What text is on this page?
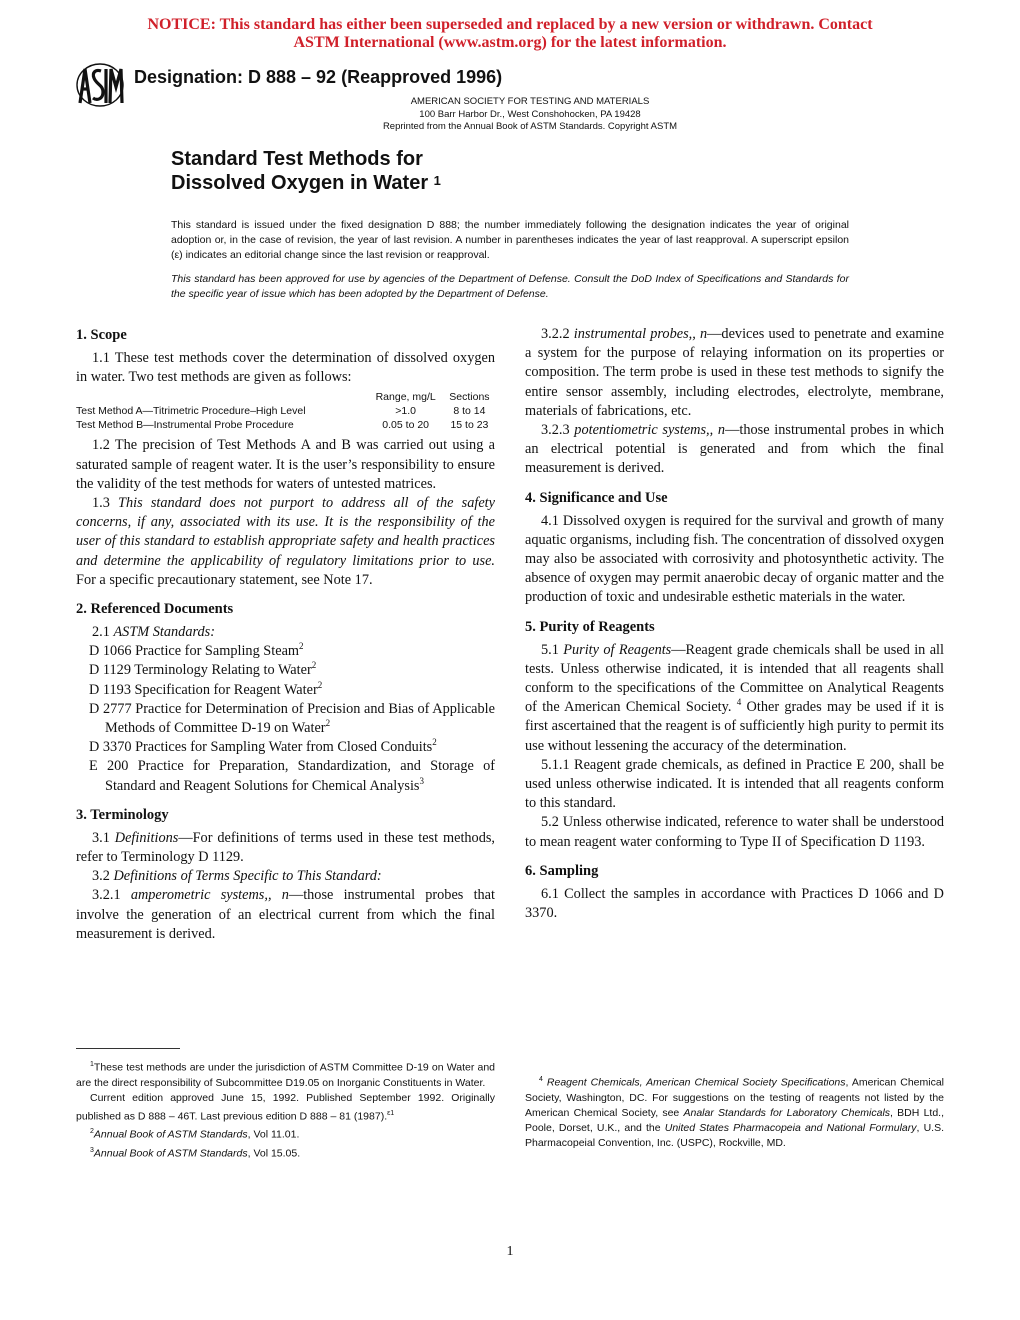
NOTICE: This standard has either been superseded and replaced by a new version or withdrawn. Contact
ASTM International (www.astm.org) for the latest information.
Designation: D 888 – 92 (Reapproved 1996)
AMERICAN SOCIETY FOR TESTING AND MATERIALS
100 Barr Harbor Dr., West Conshohocken, PA 19428
Reprinted from the Annual Book of ASTM Standards. Copyright ASTM
Standard Test Methods for
Dissolved Oxygen in Water $^1$
This standard is issued under the fixed designation D 888; the number immediately following the designation indicates the year of original adoption or, in the case of revision, the year of last revision. A number in parentheses indicates the year of last reapproval. A superscript epsilon (ε) indicates an editorial change since the last revision or reapproval.
This standard has been approved for use by agencies of the Department of Defense. Consult the DoD Index of Specifications and Standards for the specific year of issue which has been adopted by the Department of Defense.
1. Scope

1.1 These test methods cover the determination of dissolved oxygen in water. Two test methods are given as follows:

	Range, mg/L	Sections
Test Method A—Titrimetric Procedure–High Level	>1.0	8 to 14
Test Method B—Instrumental Probe Procedure	0.05 to 20	15 to 23

1.2 The precision of Test Methods A and B was carried out using a saturated sample of reagent water. It is the user’s responsibility to ensure the validity of the test methods for waters of untested matrices.

1.3 This standard does not purport to address all of the safety concerns, if any, associated with its use. It is the responsibility of the user of this standard to establish appropriate safety and health practices and determine the applicability of regulatory limitations prior to use. For a specific precautionary statement, see Note 17.

2. Referenced Documents

2.1 ASTM Standards:

D 1066 Practice for Sampling Steam$^2$

D 1129 Terminology Relating to Water$^2$

D 1193 Specification for Reagent Water$^2$

D 2777 Practice for Determination of Precision and Bias of Applicable Methods of Committee D-19 on Water$^2$

D 3370 Practices for Sampling Water from Closed Conduits$^2$

E 200 Practice for Preparation, Standardization, and Storage of Standard and Reagent Solutions for Chemical Analysis$^3$

3. Terminology

3.1 Definitions—For definitions of terms used in these test methods, refer to Terminology D 1129.

3.2 Definitions of Terms Specific to This Standard:

3.2.1 amperometric systems,, n—those instrumental probes that involve the generation of an electrical current from which the final measurement is derived.

3.2.2 instrumental probes,, n—devices used to penetrate and examine a system for the purpose of relaying information on its properties or composition. The term probe is used in these test methods to signify the entire sensor assembly, including electrodes, electrolyte, membrane, materials of fabrications, etc.

3.2.3 potentiometric systems,, n—those instrumental probes in which an electrical potential is generated and from which the final measurement is derived.

4. Significance and Use

4.1 Dissolved oxygen is required for the survival and growth of many aquatic organisms, including fish. The concentration of dissolved oxygen may also be associated with corrosivity and photosynthetic activity. The absence of oxygen may permit anaerobic decay of organic matter and the production of toxic and undesirable esthetic materials in the water.

5. Purity of Reagents

5.1 Purity of Reagents—Reagent grade chemicals shall be used in all tests. Unless otherwise indicated, it is intended that all reagents shall conform to the specifications of the Committee on Analytical Reagents of the American Chemical Society. $^4$ Other grades may be used if it is first ascertained that the reagent is of sufficiently high purity to permit its use without lessening the accuracy of the determination.

5.1.1 Reagent grade chemicals, as defined in Practice E 200, shall be used unless otherwise indicated. It is intended that all reagents conform to this standard.

5.2 Unless otherwise indicated, reference to water shall be understood to mean reagent water conforming to Type II of Specification D 1193.

6. Sampling

6.1 Collect the samples in accordance with Practices D 1066 and D 3370.

$^1$These test methods are under the jurisdiction of ASTM Committee D-19 on Water and are the direct responsibility of Subcommittee D19.05 on Inorganic Constituents in Water.

Current edition approved June 15, 1992. Published September 1992. Originally published as D 888 – 46T. Last previous edition D 888 – 81 (1987).$^{\varepsilon 1}$

$^2$Annual Book of ASTM Standards, Vol 11.01.

$^3$Annual Book of ASTM Standards, Vol 15.05.

$^4$ Reagent Chemicals, American Chemical Society Specifications, American Chemical Society, Washington, DC. For suggestions on the testing of reagents not listed by the American Chemical Society, see Analar Standards for Laboratory Chemicals, BDH Ltd., Poole, Dorset, U.K., and the United States Pharmacopeia and National Formulary, U.S. Pharmacopeial Convention, Inc. (USPC), Rockville, MD.

1
